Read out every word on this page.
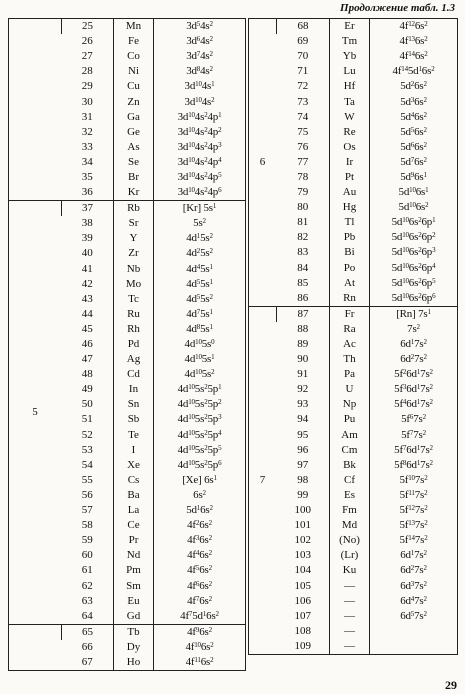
Продолжение табл. 1.3
	25	Mn	$3d^54s^2$
	26	Fe	$3d^64s^2$
	27	Co	$3d^74s^2$
	28	Ni	$3d^84s^2$
	29	Cu	$3d^{10}4s^1$
	30	Zn	$3d^{10}4s^2$
	31	Ga	$3d^{10}4s^24p^1$
	32	Ge	$3d^{10}4s^24p^2$
	33	As	$3d^{10}4s^24p^3$
	34	Se	$3d^{10}4s^24p^4$
	35	Br	$3d^{10}4s^24p^5$
	36	Kr	$3d^{10}4s^24p^6$
5	37	Rb	[Kr] $5s^1$
	38	Sr	$5s^2$
	39	Y	$4d^15s^2$
	40	Zr	$4d^25s^2$
	41	Nb	$4d^45s^1$
	42	Mo	$4d^55s^1$
	43	Tc	$4d^55s^2$
	44	Ru	$4d^75s^1$
	45	Rh	$4d^85s^1$
	46	Pd	$4d^{10}5s^0$
	47	Ag	$4d^{10}5s^1$
	48	Cd	$4d^{10}5s^2$
	49	In	$4d^{10}5s^25p^1$
	50	Sn	$4d^{10}5s^25p^2$
	51	Sb	$4d^{10}5s^25p^3$
	52	Te	$4d^{10}5s^25p^4$
	53	I	$4d^{10}5s^25p^5$
	54	Xe	$4d^{10}5s^25p^6$
	55	Cs	[Xe] $6s^1$
	56	Ba	$6s^2$
	57	La	$5d^16s^2$
	58	Ce	$4f^26s^2$
	59	Pr	$4f^36s^2$
	60	Nd	$4f^46s^2$
	61	Pm	$4f^56s^2$
	62	Sm	$4f^66s^2$
	63	Eu	$4f^76s^2$
	64	Gd	$4f^75d^16s^2$
	65	Tb	$4f^96s^2$
	66	Dy	$4f^{10}6s^2$
	67	Ho	$4f^{11}6s^2$
6	68	Er	$4f^{12}6s^2$
	69	Tm	$4f^{13}6s^2$
	70	Yb	$4f^{14}6s^2$
	71	Lu	$4f^{14}5d^16s^2$
	72	Hf	$5d^26s^2$
	73	Ta	$5d^36s^2$
	74	W	$5d^46s^2$
	75	Re	$5d^56s^2$
	76	Os	$5d^66s^2$
	77	Ir	$5d^76s^2$
	78	Pt	$5d^96s^1$
	79	Au	$5d^{10}6s^1$
	80	Hg	$5d^{10}6s^2$
	81	Tl	$5d^{10}6s^26p^1$
	82	Pb	$5d^{10}6s^26p^2$
	83	Bi	$5d^{10}6s^26p^3$
	84	Po	$5d^{10}6s^26p^4$
	85	At	$5d^{10}6s^26p^5$
	86	Rn	$5d^{10}6s^26p^6$
7	87	Fr	[Rn] $7s^1$
	88	Ra	$7s^2$
	89	Ac	$6d^17s^2$
	90	Th	$6d^27s^2$
	91	Pa	$5f^26d^17s^2$
	92	U	$5f^36d^17s^2$
	93	Np	$5f^46d^17s^2$
	94	Pu	$5f^67s^2$
	95	Am	$5f^77s^2$
	96	Cm	$5f^76d^17s^2$
	97	Bk	$5f^86d^17s^2$
	98	Cf	$5f^{10}7s^2$
	99	Es	$5f^{11}7s^2$
	100	Fm	$5f^{12}7s^2$
	101	Md	$5f^{13}7s^2$
	102	(No)	$5f^{14}7s^2$
	103	(Lr)	$6d^17s^2$
	104	Ku	$6d^27s^2$
	105	—	$6d^37s^2$
	106	—	$6d^47s^2$
	107	—	$6d^57s^2$
	108	—	
	109	—	
29
